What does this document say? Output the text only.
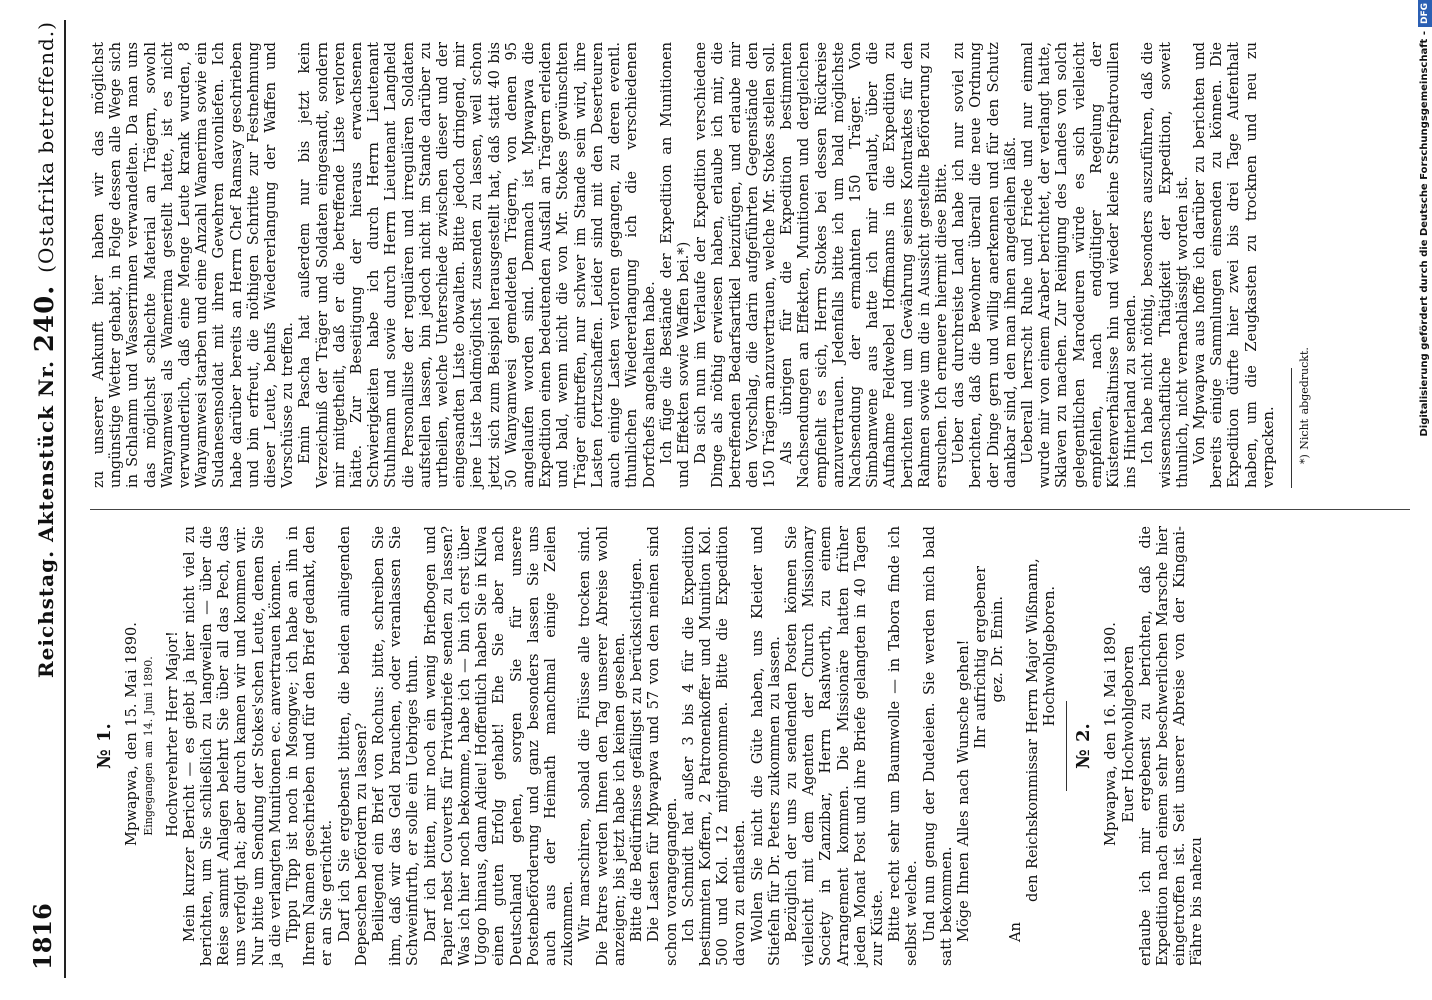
1816
Reichstag. Aktenstück Nr. 240. (Ostafrika betreffend.)
№ 1. Mpwapwa, den 15. Mai 1890. Eingegangen am 14. Juni 1890. Hochverehrter Herr Major! Mein kurzer Bericht — es giebt ja hier nicht viel zu berichten, um Sie schließlich zu langweilen — über die Reise sammt Anlagen belehrt Sie über all das Pech, das uns verfolgt hat; aber durch kamen wir und kommen wir. Nur bitte um Sendung der Stokes'schen Leute, denen Sie ja die verlangten Munitionen ec. anvertrauen können. Tippu Tipp ist noch in Msongwe; ich habe an ihn in Ihrem Namen geschrieben und für den Brief gedankt, den er an Sie gerichtet. Darf ich Sie ergebenst bitten, die beiden anliegenden Depeschen befördern zu lassen? Beiliegend ein Brief von Rochus: bitte, schreiben Sie ihm, daß wir das Geld brauchen, oder veranlassen Sie Schweinfurth, er solle ein Uebriges thun. Darf ich bitten, mir noch ein wenig Briefbogen und Papier nebst Couverts für Privatbriefe senden zu lassen? Was ich hier noch bekomme, habe ich — bin ich erst über Ugogo hinaus, dann Adieu! Hoffentlich haben Sie in Kilwa einen guten Erfolg gehabt! Ehe Sie aber nach Deutschland gehen, sorgen Sie für unsere Postenbeförderung und ganz besonders lassen Sie uns auch aus der Heimath manchmal einige Zeilen zukommen. Wir marschiren, sobald die Flüsse alle trocken sind. Die Patres werden Ihnen den Tag unserer Abreise wohl anzeigen; bis jetzt habe ich keinen gesehen. Bitte die Bedürfnisse gefälligst zu berücksichtigen. Die Lasten für Mpwapwa und 57 von den meinen sind schon vorangegangen. Ich Schmidt hat außer 3 bis 4 für die Expedition bestimmten Koffern, 2 Patronenkoffer und Munition Kol. 500 und Kol. 12 mitgenommen. Bitte die Expedition davon zu entlasten. Wollen Sie nicht die Güte haben, uns Kleider und Stiefeln für Dr. Peters zukommen zu lassen. Bezüglich der uns zu sendenden Posten können Sie vielleicht mit dem Agenten der Church Missionary Society in Zanzibar, Herrn Rashworth, zu einem Arrangement kommen. Die Missionäre hatten früher jeden Monat Post und ihre Briefe gelangten in 40 Tagen zur Küste. Bitte recht sehr um Baumwolle — in Tabora finde ich selbst welche. Und nun genug der Dudeleien. Sie werden mich bald satt bekommen. Möge Ihnen Alles nach Wunsche gehen! Ihr aufrichtig ergebener gez. Dr. Emin.

An

den Reichskommissar Herrn Major Wißmann, Hochwohlgeboren.

№ 2. Mpwapwa, den 16. Mai 1890. Euer Hochwohlgeboren erlaube ich mir ergebenst zu berichten, daß die Expedition nach einem sehr beschwerlichen Marsche hier eingetroffen ist. Seit unserer Abreise von der Kingani-Fähre bis nahezu

zu unserer Ankunft hier haben wir das möglichst ungünstige Wetter gehabt, in Folge dessen alle Wege sich in Schlamm und Wasserrinnen verwandelten. Da man uns das möglichst schlechte Material an Trägern, sowohl Wanyamwesi als Wamerima gestellt hatte, ist es nicht verwunderlich, daß eine Menge Leute krank wurden, 8 Wanyamwesi starben und eine Anzahl Wamerima sowie ein Sudanesensoldat mit ihren Gewehren davonliefen. Ich habe darüber bereits an Herrn Chef Ramsay geschrieben und bin erfreut, die nöthigen Schritte zur Festnehmung dieser Leute, behufs Wiedererlangung der Waffen und Vorschüsse zu treffen. Emin Pascha hat außerdem nur bis jetzt kein Verzeichniß der Träger und Soldaten eingesandt, sondern mir mitgetheilt, daß er die betreffende Liste verloren hätte. Zur Beseitigung der hieraus erwachsenen Schwierigkeiten habe ich durch Herrn Lieutenant Stuhlmann und sowie durch Herrn Lieutenant Langheld die Personalliste der regulären und irregulären Soldaten aufstellen lassen, bin jedoch nicht im Stande darüber zu urtheilen, welche Unterschiede zwischen dieser und der eingesandten Liste obwalten. Bitte jedoch dringend, mir jene Liste baldmöglichst zusenden zu lassen, weil schon jetzt sich zum Beispiel herausgestellt hat, daß statt 40 bis 50 Wanyamwesi gemeldeten Trägern, von denen 95 angelaufen worden sind. Demnach ist Mpwapwa die Expedition einen bedeutenden Ausfall an Trägern erleiden und bald, wenn nicht die von Mr. Stokes gewünschten Träger eintreffen, nur schwer im Stande sein wird, ihre Lasten fortzuschaffen. Leider sind mit den Deserteuren auch einige Lasten verloren gegangen, zu deren eventl. thunlichen Wiedererlangung ich die verschiedenen Dorfchefs angehalten habe. Ich füge die Bestände der Expedition an Munitionen und Effekten sowie Waffen bei.*) Da sich nun im Verlaufe der Expedition verschiedene Dinge als nöthig erwiesen haben, erlaube ich mir, die betreffenden Bedarfsartikel beizufügen, und erlaube mir den Vorschlag, die darin aufgeführten Gegenstände den 150 Trägern anzuvertrauen, welche Mr. Stokes stellen soll. Als übrigen für die Expedition bestimmten Nachsendungen an Effekten, Munitionen und dergleichen empfiehlt es sich, Herrn Stokes bei dessen Rückreise anzuvertrauen. Jedenfalls bitte ich um bald möglichste Nachsendung der ermahnten 150 Träger. Von Simbamwene aus hatte ich mir erlaubt, über die Aufnahme Feldwebel Hoffmanns in die Expedition zu berichten und um Gewährung seines Kontraktes für den Rahmen sowie um die in Aussicht gestellte Beförderung zu ersuchen. Ich erneuere hiermit diese Bitte. Ueber das durchreiste Land habe ich nur soviel zu berichten, daß die Bewohner überall die neue Ordnung der Dinge gern und willig anerkennen und für den Schutz dankbar sind, den man ihnen angedeihen läßt. Ueberall herrscht Ruhe und Friede und nur einmal wurde mir von einem Araber berichtet, der verlangt hatte, Sklaven zu machen. Zur Reinigung des Landes von solch gelegentlichen Marodeuren würde es sich vielleicht empfehlen, nach endgültiger Regelung der Küstenverhältnisse hin und wieder kleine Streifpatrouillen ins Hinterland zu senden. Ich habe nicht nöthig, besonders auszuführen, daß die wissenschaftliche Thätigkeit der Expedition, soweit thunlich, nicht vernachlässigt worden ist. Von Mpwapwa aus hoffe ich darüber zu berichten und bereits einige Sammlungen einsenden zu können. Die Expedition dürfte hier zwei bis drei Tage Aufenthalt haben, um die Zeugkasten zu trocknen und neu zu verpacken. *) Nicht abgedruckt.	Digitalisierung gefördert durch die Deutsche Forschungsgemeinschaft -DFG
